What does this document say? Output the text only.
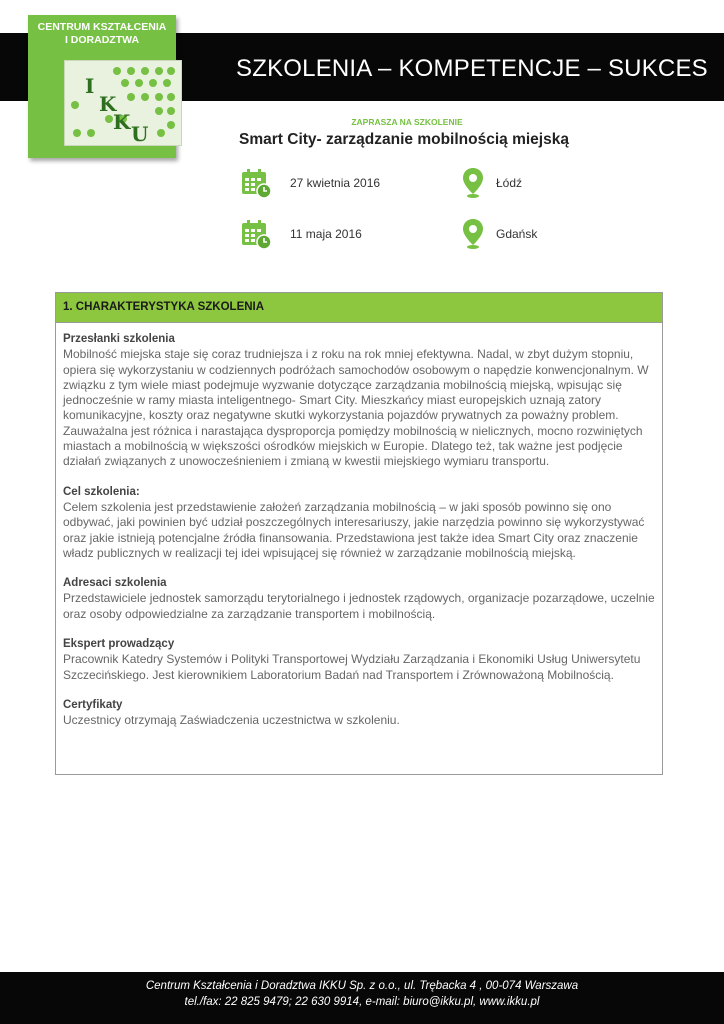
SZKOLENIA – KOMPETENCJE – SUKCES
CENTRUM KSZTAŁCENIA
I DORADZTWA
I
K
K U	ZAPRASZA NA SZKOLENIE
Smart City- zarządzanie mobilnością miejską
27 kwietnia 2016	Łódź
11 maja 2016	Gdańsk
1. CHARAKTERYSTYKA SZKOLENIA
Przesłanki szkolenia
Mobilność miejska staje się coraz trudniejsza i z roku na rok mniej efektywna. Nadal, w zbyt dużym stopniu, opiera się wykorzystaniu w codziennych podróżach samochodów osobowym o napędzie konwencjonalnym. W związku z tym wiele miast podejmuje wyzwanie dotyczące zarządzania mobilnością miejską, wpisując się jednocześnie w ramy miasta inteligentnego- Smart City. Mieszkańcy miast europejskich uznają zatory komunikacyjne, koszty oraz negatywne skutki wykorzystania pojazdów prywatnych za poważny problem. Zauważalna jest różnica i narastająca dysproporcja pomiędzy mobilnością w nielicznych, mocno rozwiniętych miastach a mobilnością w większości ośrodków miejskich w Europie. Dlatego też, tak ważne jest podjęcie działań związanych z unowocześnieniem i zmianą w kwestii miejskiego wymiaru transportu.
Cel szkolenia:
Celem szkolenia jest przedstawienie założeń zarządzania mobilnością – w jaki sposób powinno się ono odbywać, jaki powinien być udział poszczególnych interesariuszy, jakie narzędzia powinno się wykorzystywać oraz jakie istnieją potencjalne źródła finansowania. Przedstawiona jest także idea Smart City oraz znaczenie władz publicznych w realizacji tej idei wpisującej się również w zarządzanie mobilnością miejską.
Adresaci szkolenia
Przedstawiciele jednostek samorządu terytorialnego i jednostek rządowych, organizacje pozarządowe, uczelnie oraz osoby odpowiedzialne za zarządzanie transportem i mobilnością.
Ekspert prowadzący
Pracownik Katedry Systemów i Polityki Transportowej Wydziału Zarządzania i Ekonomiki Usług Uniwersytetu Szczecińskiego. Jest kierownikiem Laboratorium Badań nad Transportem i Zrównoważoną Mobilnością.
Certyfikaty
Uczestnicy otrzymają Zaświadczenia uczestnictwa w szkoleniu.
Centrum Kształcenia i Doradztwa IKKU Sp. z o.o., ul. Trębacka 4 , 00-074 Warszawa
tel./fax: 22 825 9479; 22 630 9914, e-mail: biuro@ikku.pl, www.ikku.pl
